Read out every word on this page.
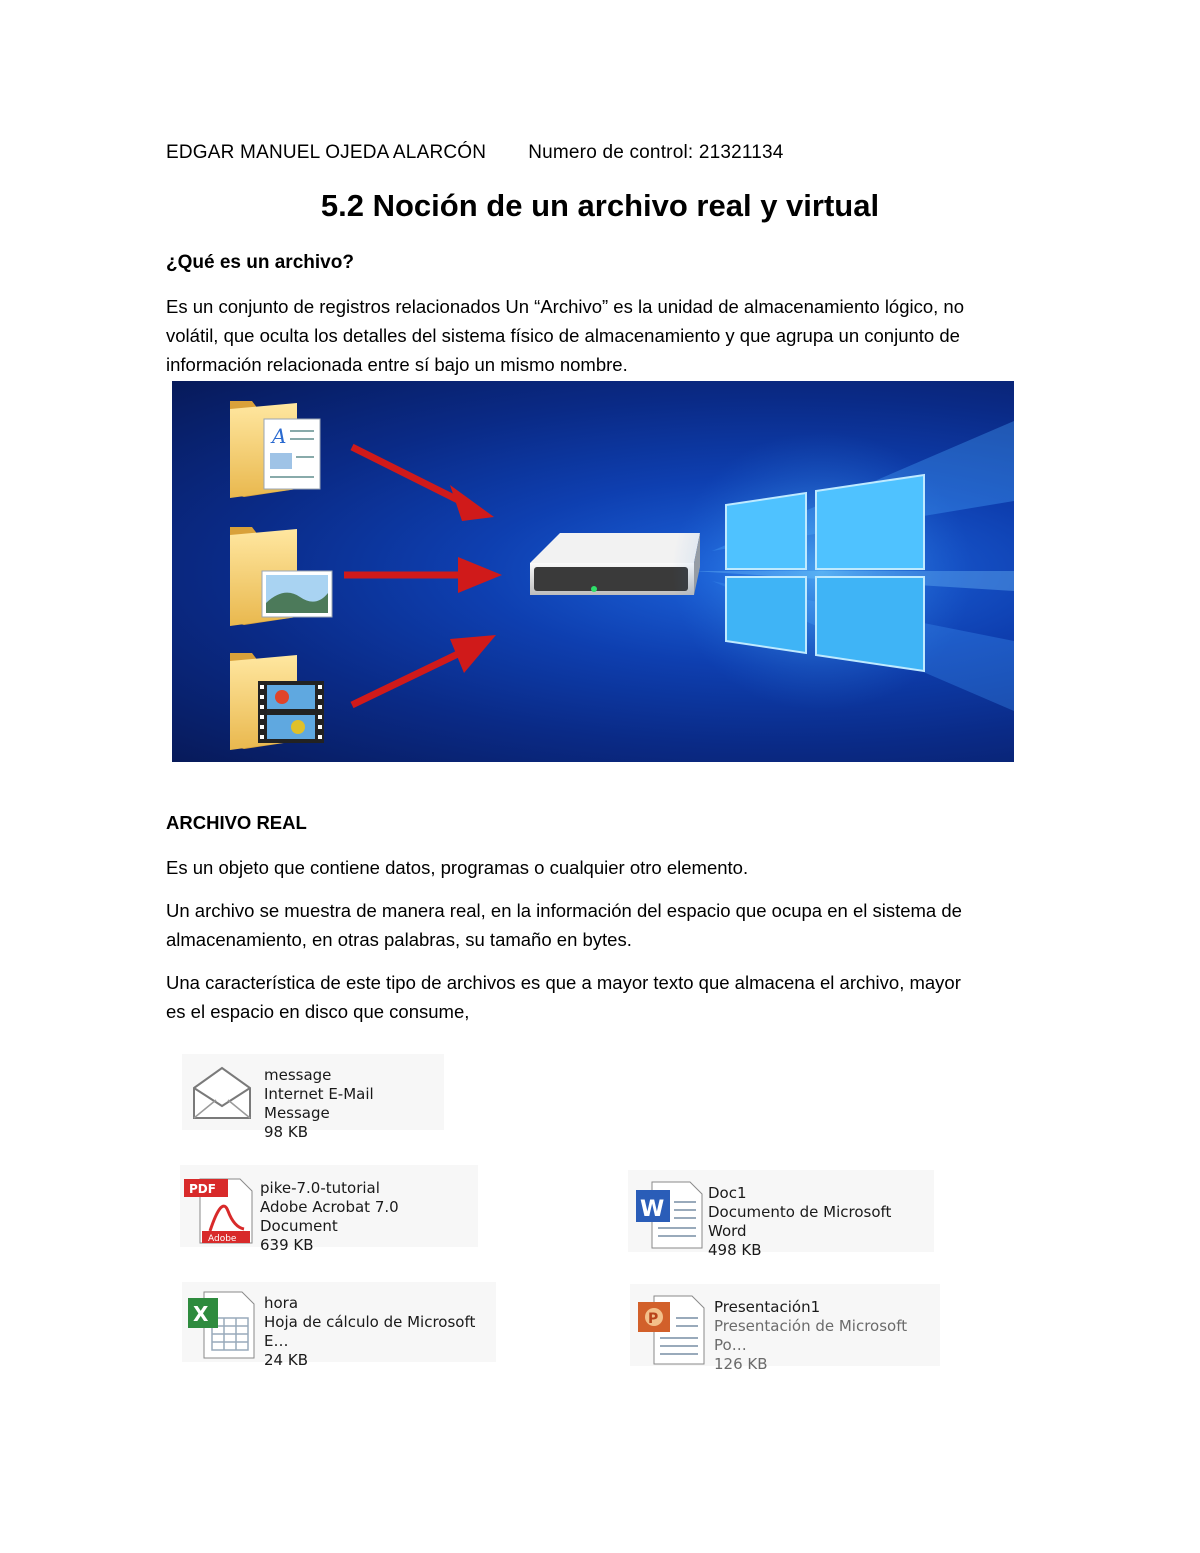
EDGAR MANUEL OJEDA ALARCÓN Numero de control: 21321134
5.2 Noción de un archivo real y virtual
¿Qué es un archivo?
Es un conjunto de registros relacionados Un “Archivo” es la unidad de almacenamiento lógico, no
volátil, que oculta los detalles del sistema físico de almacenamiento y que agrupa un conjunto de
información relacionada entre sí bajo un mismo nombre.
A
ARCHIVO REAL
Es un objeto que contiene datos, programas o cualquier otro elemento.
Un archivo se muestra de manera real, en la información del espacio que ocupa en el sistema de
almacenamiento, en otras palabras, su tamaño en bytes.
Una característica de este tipo de archivos es que a mayor texto que almacena el archivo, mayor
es el espacio en disco que consume,
message
Internet E-Mail Message
98 KB
PDF
Adobe
pike-7.0-tutorial
Adobe Acrobat 7.0 Document
639 KB
W
Doc1
Documento de Microsoft Word
498 KB
X	hora
Hoja de cálculo de Microsoft E…
24 KB
P
Presentación1
Presentación de Microsoft Po…
126 KB
